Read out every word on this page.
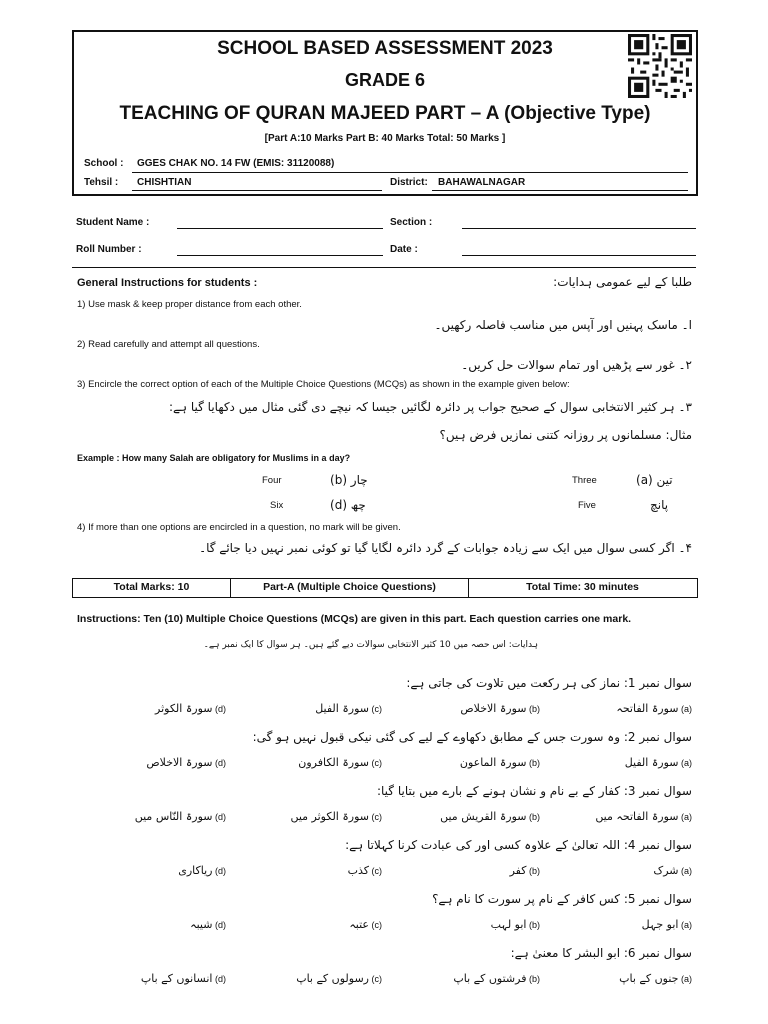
SCHOOL BASED ASSESSMENT 2023
GRADE 6
TEACHING OF QURAN MAJEED PART – A (Objective Type)
[Part A:10 Marks Part B: 40 Marks Total: 50 Marks ]
School : GGES CHAK NO. 14 FW (EMIS: 31120088)
Tehsil : CHISHTIAN	District: BAHAWALNAGAR
Student Name :	Section :
Roll Number :	Date :
General Instructions for students :	طلبا کے لیے عمومی ہدایات:
1) Use mask & keep proper distance from each other.
ا۔ ماسک پہنیں اور آپس میں مناسب فاصلہ رکھیں۔
2) Read carefully and attempt all questions.
۲۔ غور سے پڑھیں اور تمام سوالات حل کریں۔
3) Encircle the correct option of each of the Multiple Choice Questions (MCQs) as shown in the example given below:
۳۔ ہر کثیر الانتخابی سوال کے صحیح جواب پر دائرہ لگائیں جیسا کہ نیچے دی گئی مثال میں دکھایا گیا ہے:
مثال: مسلمانوں پر روزانہ کتنی نمازیں فرض ہیں؟
Example : How many Salah are obligatory for Muslims in a day?
Four	چار (b)	Three	تین (a)
Six	چھ (d)	Five	پانچ
4) If more than one options are encircled in a question, no mark will be given.
۴۔ اگر کسی سوال میں ایک سے زیادہ جوابات کے گرد دائرہ لگایا گیا تو کوئی نمبر نہیں دیا جائے گا۔
Total Marks: 10	Part-A (Multiple Choice Questions)	Total Time: 30 minutes
Instructions: Ten (10) Multiple Choice Questions (MCQs) are given in this part. Each question carries one mark.
ہدایات: اس حصہ میں 10 کثیر الانتخابی سوالات دیے گئے ہیں۔ ہر سوال کا ایک نمبر ہے۔
سوال نمبر 1: نماز کی ہر رکعت میں تلاوت کی جاتی ہے:
(a) سورۃ الفاتحہ
(b) سورۃ الاخلاص
(c) سورۃ الفیل
(d) سورۃ الکوثر
سوال نمبر 2: وہ سورت جس کے مطابق دکھاوے کے لیے کی گئی نیکی قبول نہیں ہو گی:
(a) سورۃ الفیل
(b) سورۃ الماعون
(c) سورۃ الکافرون
(d) سورۃ الاخلاص
سوال نمبر 3: کفار کے بے نام و نشان ہونے کے بارے میں بتایا گیا:
(a) سورۃ الفاتحہ میں
(b) سورۃ القریش میں
(c) سورۃ الکوثر میں
(d) سورۃ النّاس میں
سوال نمبر 4: اللہ تعالیٰ کے علاوہ کسی اور کی عبادت کرنا کہلاتا ہے:
(a) شرک
(b) کفر
(c) کذب
(d) ریاکاری
سوال نمبر 5: کس کافر کے نام پر سورت کا نام ہے؟
(a) ابو جہل
(b) ابو لہب
(c) عتبہ
(d) شیبہ
سوال نمبر 6: ابو البشر کا معنیٰ ہے:
(a) جنوں کے باپ
(b) فرشتوں کے باپ
(c) رسولوں کے باپ
(d) انسانوں کے باپ
